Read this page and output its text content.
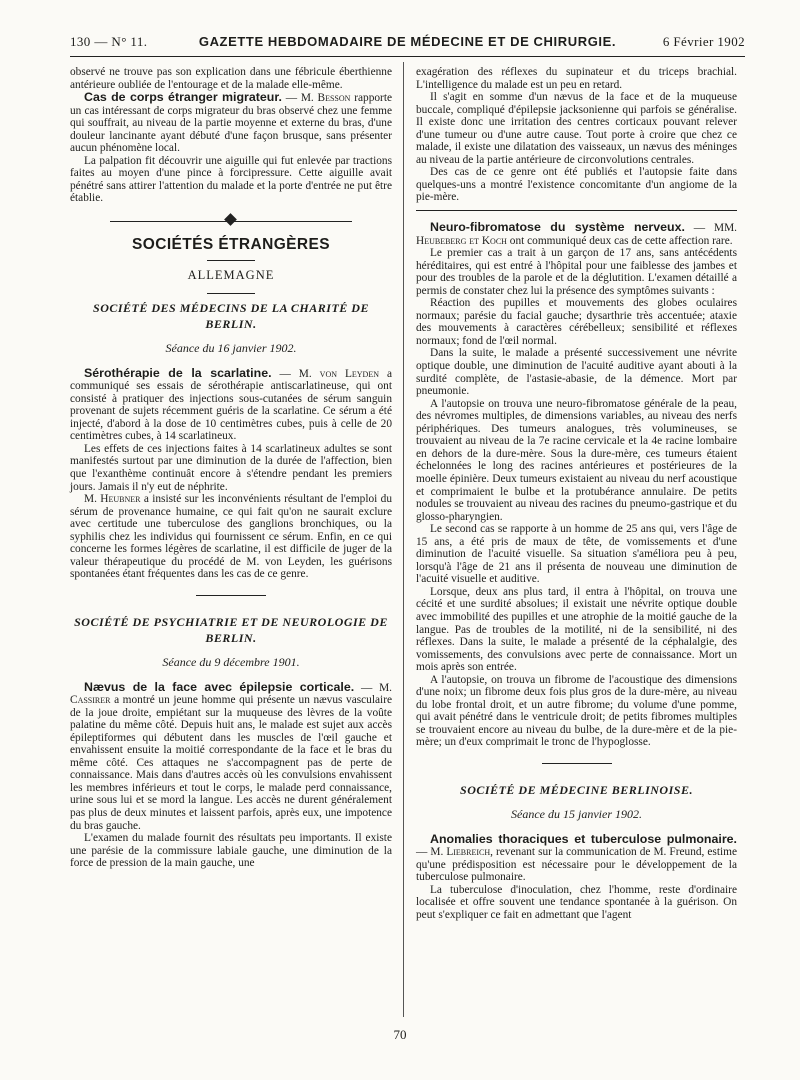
130 — N° 11.	GAZETTE HEBDOMADAIRE DE MÉDECINE ET DE CHIRURGIE.	6 Février 1902

observé ne trouve pas son explication dans une fébricule éberthienne antérieure oubliée de l'entourage et de la malade elle-même.

Cas de corps étranger migrateur. — M. Besson rapporte un cas intéressant de corps migrateur du bras observé chez une femme qui souffrait, au niveau de la partie moyenne et externe du bras, d'une douleur lancinante ayant débuté d'une façon brusque, sans présenter aucun phénomène local.

La palpation fit découvrir une aiguille qui fut enlevée par tractions faites au moyen d'une pince à forcipressure. Cette aiguille avait pénétré sans attirer l'attention du malade et la porte d'entrée ne put être établie.

SOCIÉTÉS ÉTRANGÈRES
ALLEMAGNE
SOCIÉTÉ DES MÉDECINS DE LA CHARITÉ DE BERLIN.
Séance du 16 janvier 1902.

Sérothérapie de la scarlatine. — M. von Leyden a communiqué ses essais de sérothérapie antiscarlatineuse, qui ont consisté à pratiquer des injections sous-cutanées de sérum sanguin provenant de sujets récemment guéris de la scarlatine. Ce sérum a été injecté, d'abord à la dose de 10 centimètres cubes, puis à celle de 20 centimètres cubes, à 14 scarlatineux.

Les effets de ces injections faites à 14 scarlatineux adultes se sont manifestés surtout par une diminution de la durée de l'affection, bien que l'exanthème continuât encore à s'étendre pendant les premiers jours. Jamais il n'y eut de néphrite.

M. Heubner a insisté sur les inconvénients résultant de l'emploi du sérum de provenance humaine, ce qui fait qu'on ne saurait exclure avec certitude une tuberculose des ganglions bronchiques, ou la syphilis chez les individus qui fournissent ce sérum. Enfin, en ce qui concerne les formes légères de scarlatine, il est difficile de juger de la valeur thérapeutique du procédé de M. von Leyden, les guérisons spontanées étant fréquentes dans les cas de ce genre.

SOCIÉTÉ DE PSYCHIATRIE ET DE NEUROLOGIE DE BERLIN.
Séance du 9 décembre 1901.

Nævus de la face avec épilepsie corticale. — M. Cassirer a montré un jeune homme qui présente un nævus vasculaire de la joue droite, empiétant sur la muqueuse des lèvres de la voûte palatine du même côté. Depuis huit ans, le malade est sujet aux accès épileptiformes qui débutent dans les muscles de l'œil gauche et envahissent ensuite la moitié correspondante de la face et le bras du même côté. Ces attaques ne s'accompagnent pas de perte de connaissance. Mais dans d'autres accès où les convulsions envahissent les membres inférieurs et tout le corps, le malade perd connaissance, urine sous lui et se mord la langue. Les accès ne durent généralement pas plus de deux minutes et laissent parfois, après eux, une impotence du bras gauche.

L'examen du malade fournit des résultats peu importants. Il existe une parésie de la commissure labiale gauche, une diminution de la force de pression de la main gauche, une

exagération des réflexes du supinateur et du triceps brachial. L'intelligence du malade est un peu en retard.

Il s'agit en somme d'un nævus de la face et de la muqueuse buccale, compliqué d'épilepsie jacksonienne qui parfois se généralise. Il existe donc une irritation des centres corticaux pouvant relever d'une tumeur ou d'une autre cause. Tout porte à croire que chez ce malade, il existe une dilatation des vaisseaux, un nævus des méninges au niveau de la partie antérieure de circonvolutions centrales.

Des cas de ce genre ont été publiés et l'autopsie faite dans quelques-uns a montré l'existence concomitante d'un angiome de la pie-mère.

Neuro-fibromatose du système nerveux. — MM. Heubeberg et Koch ont communiqué deux cas de cette affection rare.

Le premier cas a trait à un garçon de 17 ans, sans antécédents héréditaires, qui est entré à l'hôpital pour une faiblesse des jambes et pour des troubles de la parole et de la déglutition. L'examen détaillé a permis de constater chez lui la présence des symptômes suivants :

Réaction des pupilles et mouvements des globes oculaires normaux; parésie du facial gauche; dysarthrie très accentuée; ataxie des mouvements à caractères cérébelleux; sensibilité et réflexes normaux; fond de l'œil normal.

Dans la suite, le malade a présenté successivement une névrite optique double, une diminution de l'acuité auditive ayant abouti à la surdité complète, de l'astasie-abasie, de la démence. Mort par pneumonie.

A l'autopsie on trouva une neuro-fibromatose générale de la peau, des névromes multiples, de dimensions variables, au niveau des nerfs périphériques. Des tumeurs analogues, très volumineuses, se trouvaient au niveau de la 7e racine cervicale et la 4e racine lombaire en dehors de la dure-mère. Sous la dure-mère, ces tumeurs étaient échelonnées le long des racines antérieures et postérieures de la moelle épinière. Deux tumeurs existaient au niveau du nerf acoustique et comprimaient le bulbe et la protubérance annulaire. De petits nodules se trouvaient au niveau des racines du pneumo-gastrique et du glosso-pharyngien.

Le second cas se rapporte à un homme de 25 ans qui, vers l'âge de 15 ans, a été pris de maux de tête, de vomissements et d'une diminution de l'acuité visuelle. Sa situation s'améliora peu à peu, lorsqu'à l'âge de 21 ans il présenta de nouveau une diminution de l'acuité visuelle et auditive.

Lorsque, deux ans plus tard, il entra à l'hôpital, on trouva une cécité et une surdité absolues; il existait une névrite optique double avec immobilité des pupilles et une atrophie de la moitié gauche de la langue. Pas de troubles de la motilité, ni de la sensibilité, ni des réflexes. Dans la suite, le malade a présenté de la céphalalgie, des vomissements, des convulsions avec perte de connaissance. Mort un mois après son entrée.

A l'autopsie, on trouva un fibrome de l'acoustique des dimensions d'une noix; un fibrome deux fois plus gros de la dure-mère, au niveau du lobe frontal droit, et un autre fibrome; du volume d'une pomme, qui avait pénétré dans le ventricule droit; de petits fibromes multiples se trouvaient encore au niveau du bulbe, de la dure-mère et de la pie-mère; un d'eux comprimait le tronc de l'hypoglosse.

SOCIÉTÉ DE MÉDECINE BERLINOISE.
Séance du 15 janvier 1902.

Anomalies thoraciques et tuberculose pulmonaire. — M. Liebreich, revenant sur la communication de M. Freund, estime qu'une prédisposition est nécessaire pour le développement de la tuberculose pulmonaire.

La tuberculose d'inoculation, chez l'homme, reste d'ordinaire localisée et offre souvent une tendance spontanée à la guérison. On peut s'expliquer ce fait en admettant que l'agent

70
